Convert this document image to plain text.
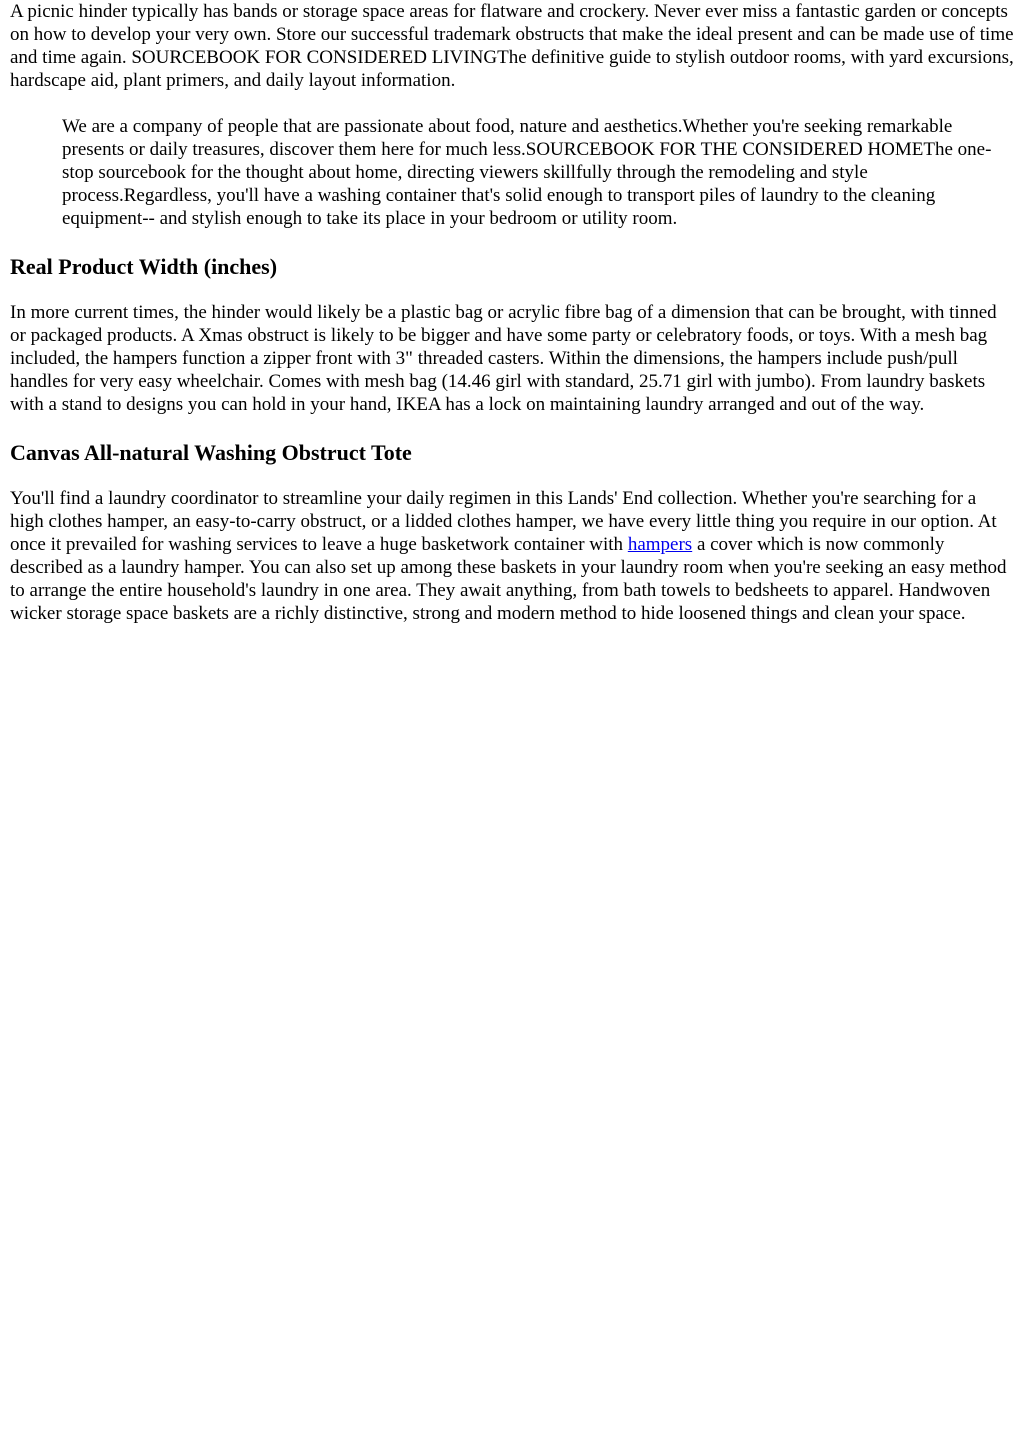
A picnic hinder typically has bands or storage space areas for flatware and crockery. Never ever miss a fantastic garden or concepts on how to develop your very own. Store our successful trademark obstructs that make the ideal present and can be made use of time and time again. SOURCEBOOK FOR CONSIDERED LIVINGThe definitive guide to stylish outdoor rooms, with yard excursions, hardscape aid, plant primers, and daily layout information.

We are a company of people that are passionate about food, nature and aesthetics.Whether you're seeking remarkable presents or daily treasures, discover them here for much less.SOURCEBOOK FOR THE CONSIDERED HOMEThe one-stop sourcebook for the thought about home, directing viewers skillfully through the remodeling and style process.Regardless, you'll have a washing container that's solid enough to transport piles of laundry to the cleaning equipment-- and stylish enough to take its place in your bedroom or utility room.

Real Product Width (inches)

In more current times, the hinder would likely be a plastic bag or acrylic fibre bag of a dimension that can be brought, with tinned or packaged products. A Xmas obstruct is likely to be bigger and have some party or celebratory foods, or toys. With a mesh bag included, the hampers function a zipper front with 3" threaded casters. Within the dimensions, the hampers include push/pull handles for very easy wheelchair. Comes with mesh bag (14.46 girl with standard, 25.71 girl with jumbo). From laundry baskets with a stand to designs you can hold in your hand, IKEA has a lock on maintaining laundry arranged and out of the way.

Canvas All-natural Washing Obstruct Tote

You'll find a laundry coordinator to streamline your daily regimen in this Lands' End collection. Whether you're searching for a high clothes hamper, an easy-to-carry obstruct, or a lidded clothes hamper, we have every little thing you require in our option. At once it prevailed for washing services to leave a huge basketwork container with hampers a cover which is now commonly described as a laundry hamper. You can also set up among these baskets in your laundry room when you're seeking an easy method to arrange the entire household's laundry in one area. They await anything, from bath towels to bedsheets to apparel. Handwoven wicker storage space baskets are a richly distinctive, strong and modern method to hide loosened things and clean your space.
